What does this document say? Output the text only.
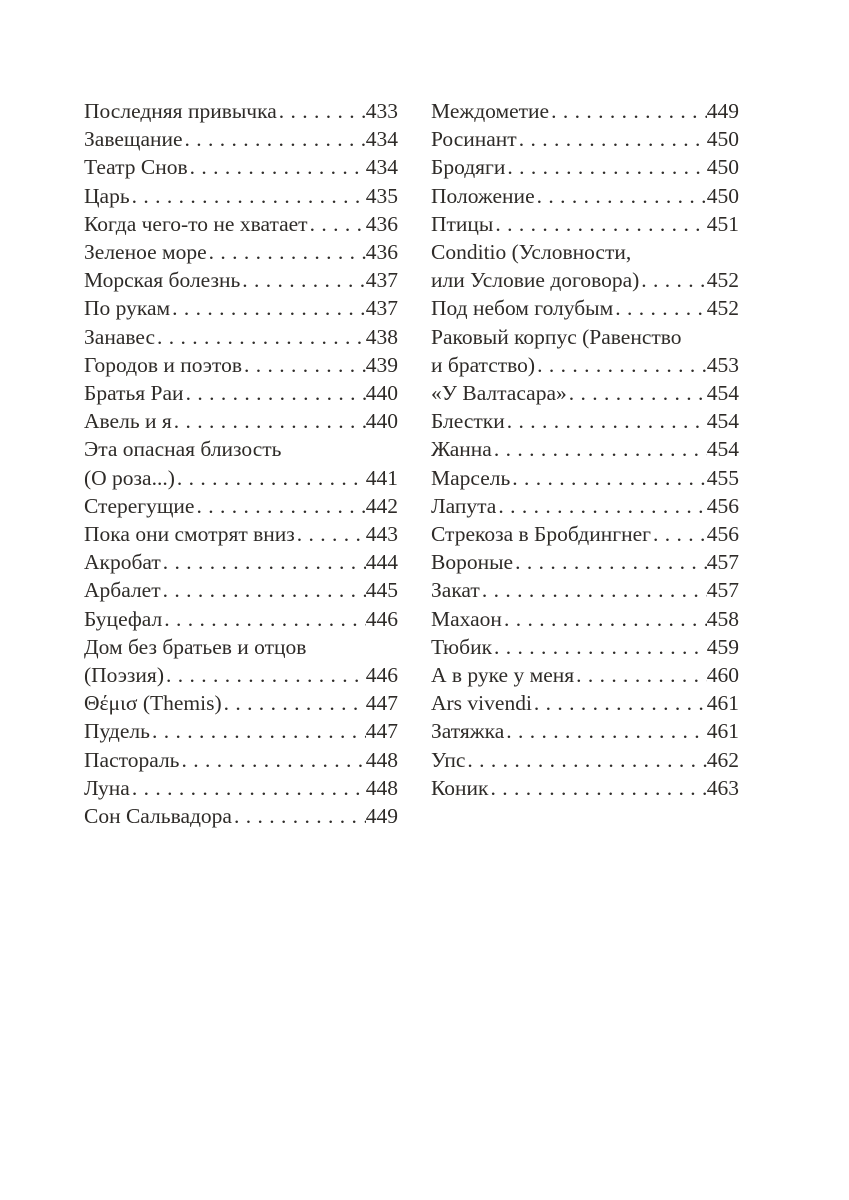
Последняя привычка . . .	433
Завещание . . .	434
Театр Снов . . .	434
Царь . . .	435
Когда чего-то не хватает . . .	436
Зеленое море . . .	436
Морская болезнь . . .	437
По рукам . . .	437
Занавес . . .	438
Городов и поэтов . . .	439
Братья Раи . . .	440
Авель и я . . .	440
Эта опасная близость
(О роза...) . . .	441
Стерегущие . . .	442
Пока они смотрят вниз . . .	443
Акробат . . .	444
Арбалет . . .	445
Буцефал . . .	446
Дом без братьев и отцов
(Поэзия) . . .	446
Θέμισ (Themis) . . .	447
Пудель . . .	447
Пастораль . . .	448
Луна . . .	448
Сон Сальвадора . . .	449
Междометие . . .	449
Росинант . . .	450
Бродяги . . .	450
Положение . . .	450
Птицы . . .	451
Conditio (Условности,
или Условие договора) . . .	452
Под небом голубым . . .	452
Раковый корпус (Равенство
и братство) . . .	453
«У Валтасара» . . .	454
Блестки . . .	454
Жанна . . .	454
Марсель . . .	455
Лапута . . .	456
Стрекоза в Бробдингнег . . .	456
Вороные . . .	457
Закат . . .	457
Махаон . . .	458
Тюбик . . .	459
А в руке у меня . . .	460
Ars vivendi . . .	461
Затяжка . . .	461
Упс . . .	462
Коник . . .	463
